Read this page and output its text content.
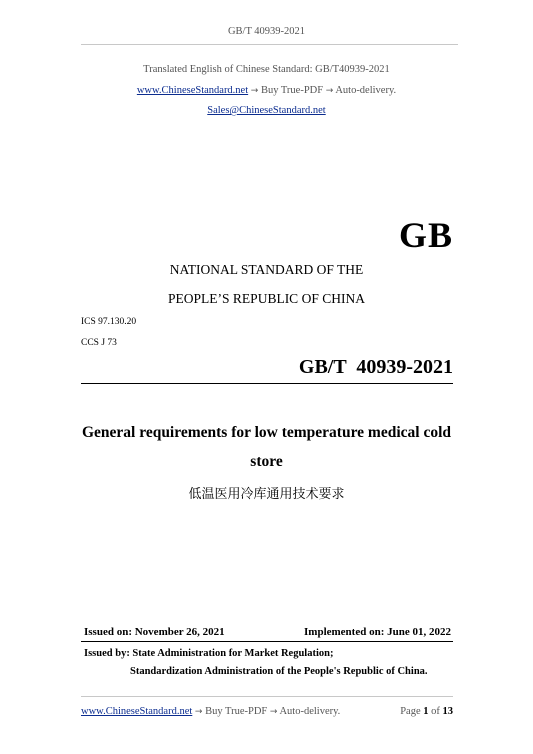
GB/T 40939-2021
Translated English of Chinese Standard: GB/T40939-2021
www.ChineseStandard.net → Buy True-PDF → Auto-delivery.
Sales@ChineseStandard.net
GB
NATIONAL STANDARD OF THE
PEOPLE’S REPUBLIC OF CHINA
ICS 97.130.20
CCS J 73
GB/T  40939-2021
General requirements for low temperature medical cold
store
低温医用冷库通用技术要求
Issued on: November 26, 2021	Implemented on: June 01, 2022
Issued by: State Administration for Market Regulation;
Standardization Administration of the People's Republic of China.
www.ChineseStandard.net → Buy True-PDF → Auto-delivery.	Page 1 of 13
